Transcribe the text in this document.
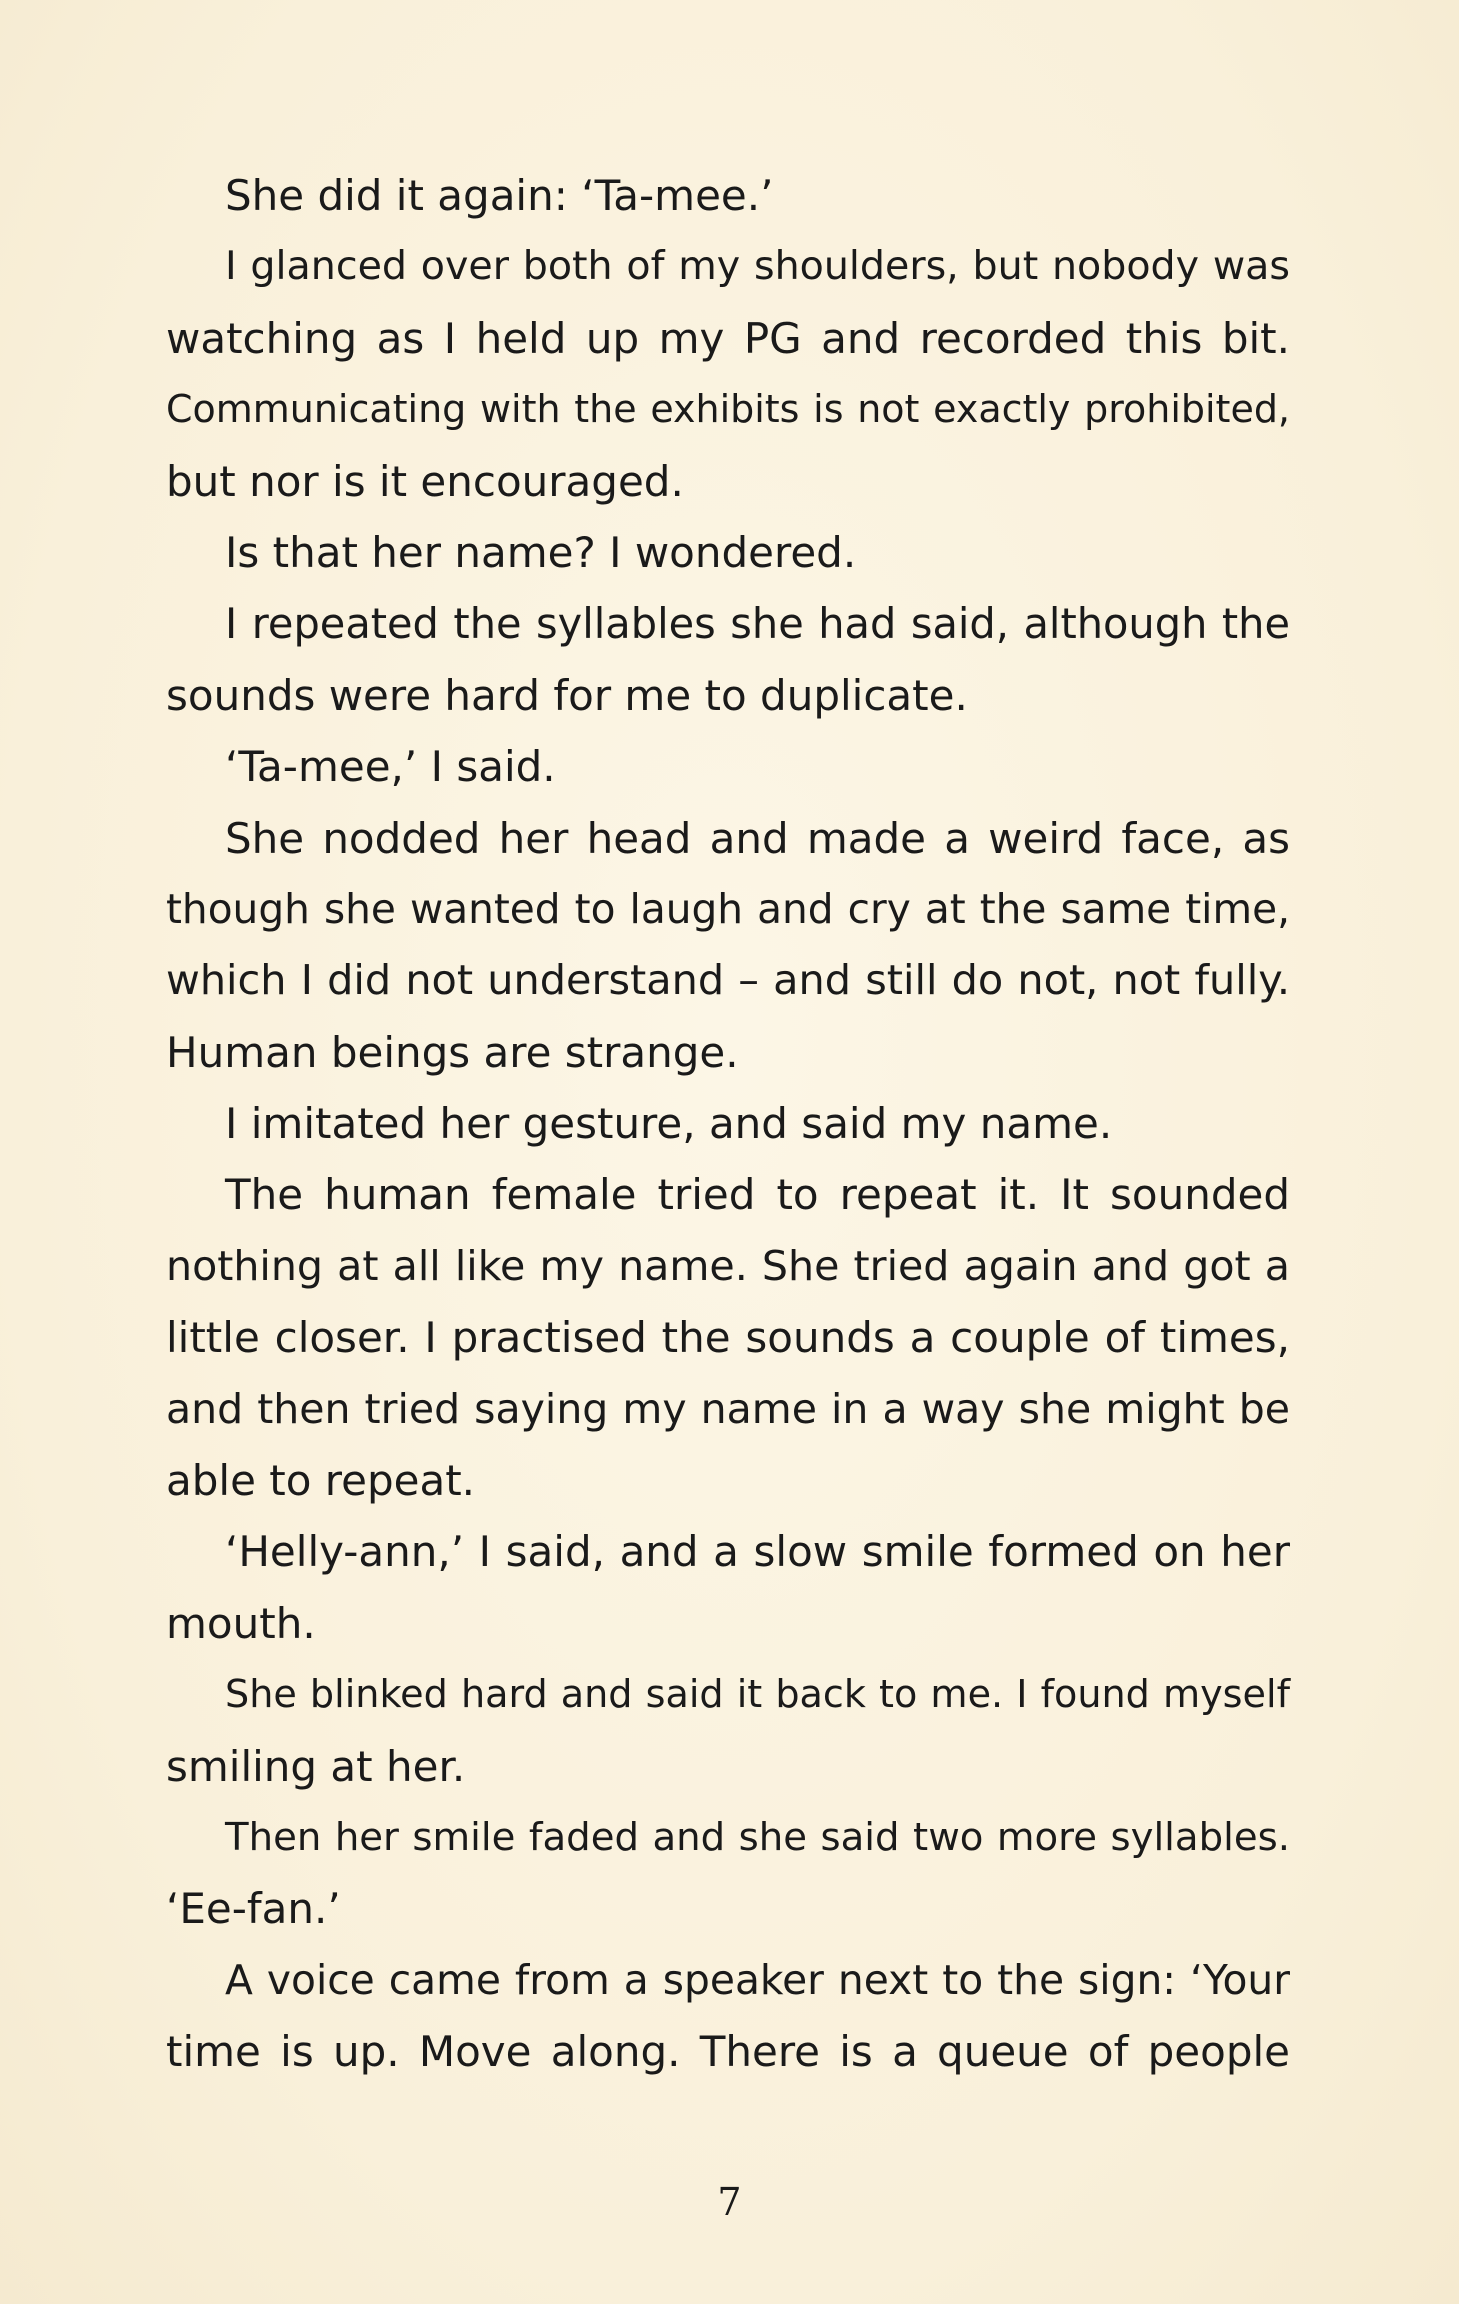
She did it again: ‘Ta-mee.’
I glanced over both of my shoulders, but nobody was
watching as I held up my PG and recorded this bit.
Communicating with the exhibits is not exactly prohibited,
but nor is it encouraged.
Is that her name? I wondered.
I repeated the syllables she had said, although the
sounds were hard for me to duplicate.
‘Ta-mee,’ I said.
She nodded her head and made a weird face, as
though she wanted to laugh and cry at the same time,
which I did not understand – and still do not, not fully.
Human beings are strange.
I imitated her gesture, and said my name.
The human female tried to repeat it. It sounded
nothing at all like my name. She tried again and got a
little closer. I practised the sounds a couple of times,
and then tried saying my name in a way she might be
able to repeat.
‘Helly-ann,’ I said, and a slow smile formed on her
mouth.
She blinked hard and said it back to me. I found myself
smiling at her.
Then her smile faded and she said two more syllables.
‘Ee-fan.’
A voice came from a speaker next to the sign: ‘Your
time is up. Move along. There is a queue of people
7
